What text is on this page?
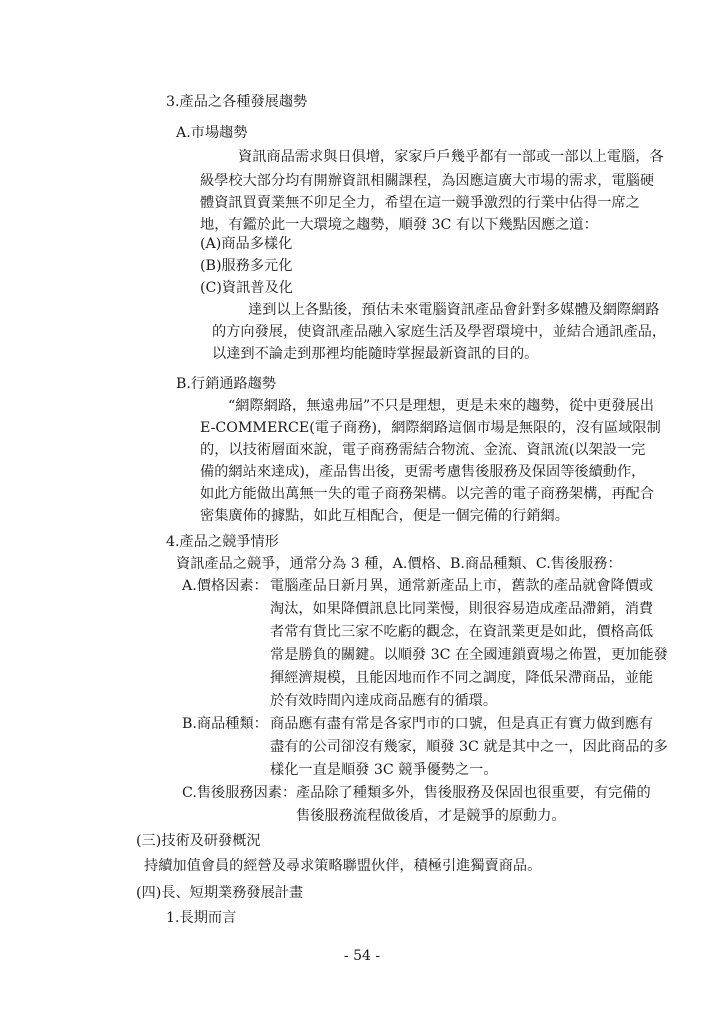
3.產品之各種發展趨勢
A.市場趨勢
資訊商品需求與日俱增，家家戶戶幾乎都有一部或一部以上電腦，各
級學校大部分均有開辦資訊相關課程，為因應這廣大市場的需求，電腦硬
體資訊買賣業無不卯足全力，希望在這一競爭激烈的行業中佔得一席之
地，有鑑於此一大環境之趨勢，順發 3C 有以下幾點因應之道：
(A)商品多樣化
(B)服務多元化
(C)資訊普及化
達到以上各點後，預估未來電腦資訊產品會針對多媒體及網際網路
的方向發展，使資訊產品融入家庭生活及學習環境中，並結合通訊產品，
以達到不論走到那裡均能隨時掌握最新資訊的目的。
B.行銷通路趨勢
“網際網路，無遠弗屆”不只是理想，更是未來的趨勢，從中更發展出
E-COMMERCE(電子商務)，網際網路這個市場是無限的，沒有區域限制
的，以技術層面來說，電子商務需結合物流、金流、資訊流(以架設一完
備的網站來達成)，產品售出後，更需考慮售後服務及保固等後續動作，
如此方能做出萬無一失的電子商務架構。以完善的電子商務架構，再配合
密集廣佈的據點，如此互相配合，便是一個完備的行銷網。
4.產品之競爭情形
資訊產品之競爭，通常分為 3 種，A.價格、B.商品種類、C.售後服務：
A.價格因素： 電腦產品日新月異，通常新產品上市，舊款的產品就會降價或
淘汰，如果降價訊息比同業慢，則很容易造成產品滯銷，消費
者常有貨比三家不吃虧的觀念，在資訊業更是如此，價格高低
常是勝負的關鍵。以順發 3C 在全國連鎖賣場之佈置，更加能發
揮經濟規模，且能因地而作不同之調度，降低呆滯商品，並能
於有效時間內達成商品應有的循環。
B.商品種類： 商品應有盡有常是各家門市的口號，但是真正有實力做到應有
盡有的公司卻沒有幾家，順發 3C 就是其中之一，因此商品的多
樣化一直是順發 3C 競爭優勢之一。
C.售後服務因素： 產品除了種類多外，售後服務及保固也很重要，有完備的
售後服務流程做後盾，才是競爭的原動力。
(三)技術及研發概況
持續加值會員的經營及尋求策略聯盟伙伴，積極引進獨賣商品。
(四)長、短期業務發展計畫
1.長期而言
- 54 -
